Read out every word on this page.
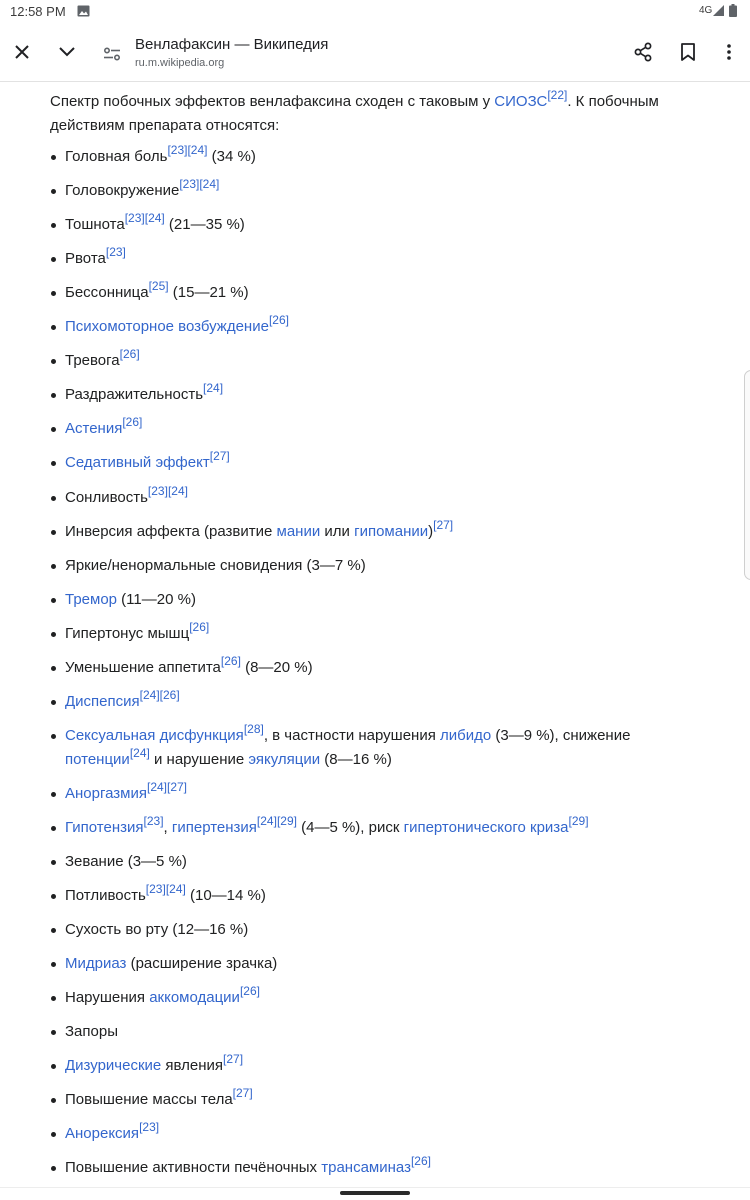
12:58 PM	4G
Венлафаксин — Википедия
ru.m.wikipedia.org

Спектр побочных эффектов венлафаксина сходен с таковым у СИОЗС[22]. К побочным действиям препарата относятся:

Головная боль[23][24] (34 %)
Головокружение[23][24]
Тошнота[23][24] (21—35 %)
Рвота[23]
Бессонница[25] (15—21 %)
Психомоторное возбуждение[26]
Тревога[26]
Раздражительность[24]
Астения[26]
Седативный эффект[27]
Сонливость[23][24]
Инверсия аффекта (развитие мании или гипомании)[27]
Яркие/ненормальные сновидения (3—7 %)
Тремор (11—20 %)
Гипертонус мышц[26]
Уменьшение аппетита[26] (8—20 %)
Диспепсия[24][26]
Сексуальная дисфункция[28], в частности нарушения либидо (3—9 %), снижение
потенции[24] и нарушение эякуляции (8—16 %)
Аноргазмия[24][27]
Гипотензия[23], гипертензия[24][29] (4—5 %), риск гипертонического криза[29]
Зевание (3—5 %)
Потливость[23][24] (10—14 %)
Сухость во рту (12—16 %)
Мидриаз (расширение зрачка)
Нарушения аккомодации[26]
Запоры
Дизурические явления[27]
Повышение массы тела[27]
Анорексия[23]
Повышение активности печёночных трансаминаз[26]
